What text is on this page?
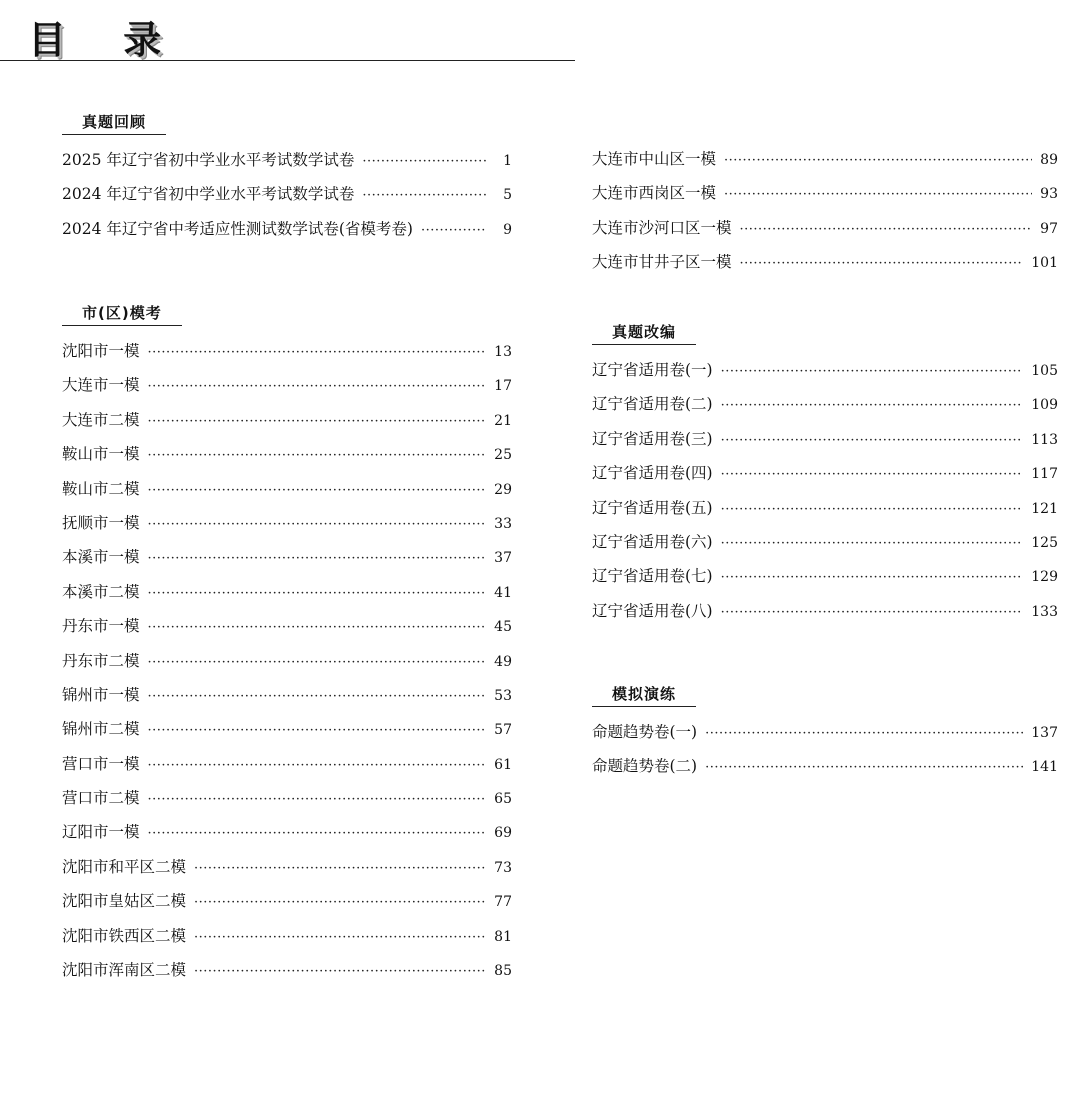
目 录
真题回顾
2025 年辽宁省初中学业水平考试数学试卷 ·····	1
2024 年辽宁省初中学业水平考试数学试卷 ·····	5
2024 年辽宁省中考适应性测试数学试卷(省模考卷) ·····	9
市(区)模考
沈阳市一模 ·····	13
大连市一模 ·····	17
大连市二模 ·····	21
鞍山市一模 ·····	25
鞍山市二模 ·····	29
抚顺市一模 ·····	33
本溪市一模 ·····	37
本溪市二模 ·····	41
丹东市一模 ·····	45
丹东市二模 ·····	49
锦州市一模 ·····	53
锦州市二模 ·····	57
营口市一模 ·····	61
营口市二模 ·····	65
辽阳市一模 ·····	69
沈阳市和平区二模 ·····	73
沈阳市皇姑区二模 ·····	77
沈阳市铁西区二模 ·····	81
沈阳市浑南区二模 ·····	85
大连市中山区一模 ·····	89
大连市西岗区一模 ·····	93
大连市沙河口区一模 ·····	97
大连市甘井子区一模 ·····	101
真题改编
辽宁省适用卷(一) ·····	105
辽宁省适用卷(二) ·····	109
辽宁省适用卷(三) ·····	113
辽宁省适用卷(四) ·····	117
辽宁省适用卷(五) ·····	121
辽宁省适用卷(六) ·····	125
辽宁省适用卷(七) ·····	129
辽宁省适用卷(八) ·····	133
模拟演练
命题趋势卷(一) ·····	137
命题趋势卷(二) ·····	141
